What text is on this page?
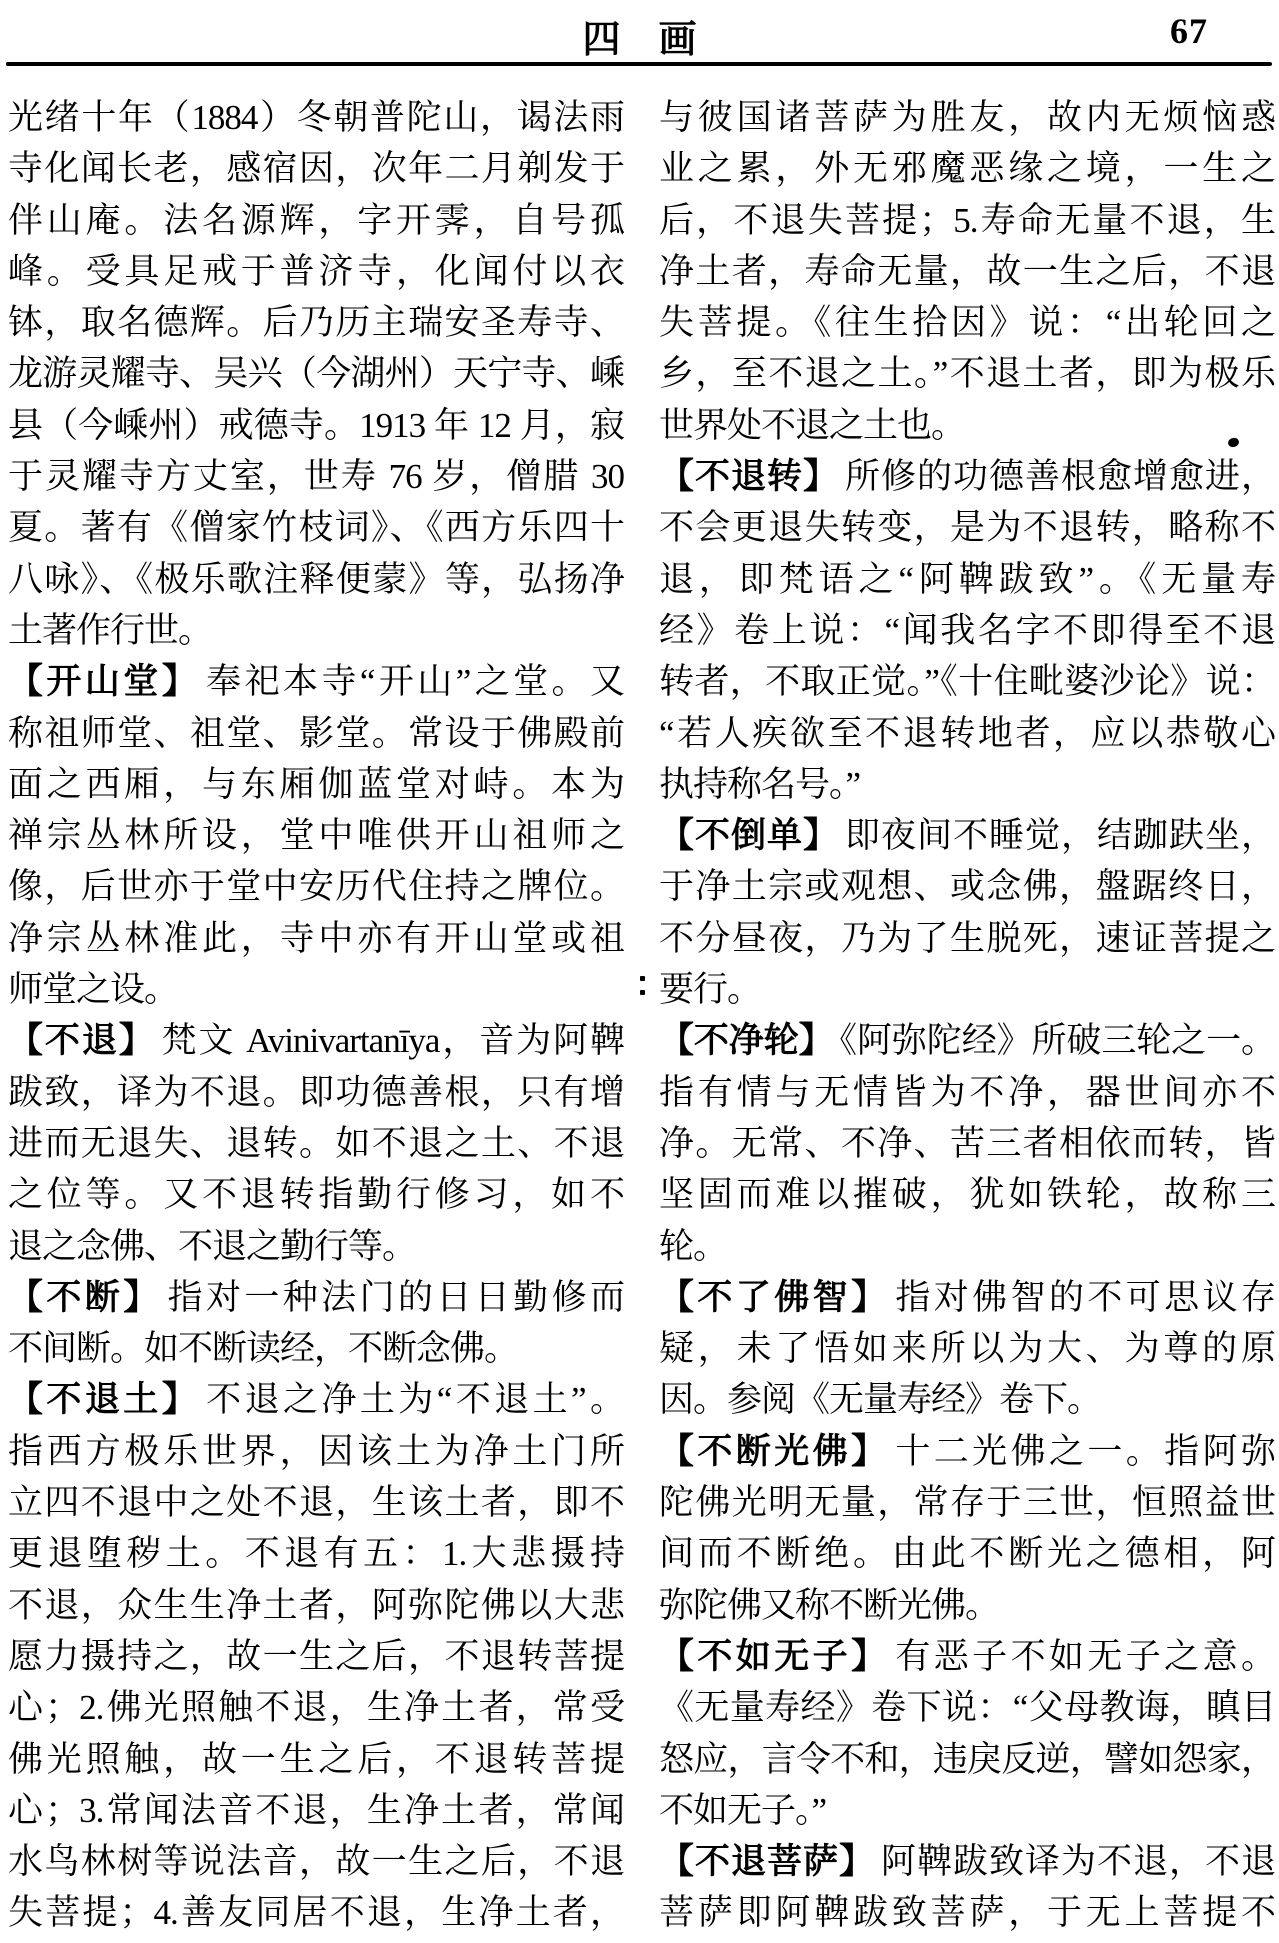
四　画	67
光绪十年（1884）冬朝普陀山，谒法雨
寺化闻长老，感宿因，次年二月剃发于
伴山庵。法名源辉，字开霁，自号孤
峰。受具足戒于普济寺，化闻付以衣
钵，取名德辉。后乃历主瑞安圣寿寺、
龙游灵耀寺、吴兴（今湖州）天宁寺、嵊
县（今嵊州）戒德寺。1913 年 12 月，寂
于灵耀寺方丈室，世寿 76 岁，僧腊 30
夏。著有《僧家竹枝词》、《西方乐四十
八咏》、《极乐歌注释便蒙》等，弘扬净
土著作行世。
【开山堂】 奉祀本寺“开山”之堂。又
称祖师堂、祖堂、影堂。常设于佛殿前
面之西厢，与东厢伽蓝堂对峙。本为
禅宗丛林所设，堂中唯供开山祖师之
像，后世亦于堂中安历代住持之牌位。
净宗丛林准此，寺中亦有开山堂或祖
师堂之设。
【不退】 梵文 Avinivartanīya，音为阿鞞
跋致，译为不退。即功德善根，只有增
进而无退失、退转。如不退之土、不退
之位等。又不退转指勤行修习，如不
退之念佛、不退之勤行等。
【不断】 指对一种法门的日日勤修而
不间断。如不断读经，不断念佛。
【不退土】 不退之净土为“不退土”。
指西方极乐世界，因该土为净土门所
立四不退中之处不退，生该土者，即不
更退堕秽土。不退有五：1.大悲摄持
不退，众生生净土者，阿弥陀佛以大悲
愿力摄持之，故一生之后，不退转菩提
心；2.佛光照触不退，生净土者，常受
佛光照触，故一生之后，不退转菩提
心；3.常闻法音不退，生净土者，常闻
水鸟林树等说法音，故一生之后，不退
失菩提；4.善友同居不退，生净土者，
与彼国诸菩萨为胜友，故内无烦恼惑
业之累，外无邪魔恶缘之境，一生之
后，不退失菩提；5.寿命无量不退，生
净土者，寿命无量，故一生之后，不退
失菩提。《往生拾因》说：“出轮回之
乡，至不退之土。”不退土者，即为极乐
世界处不退之土也。
【不退转】 所修的功德善根愈增愈进，
不会更退失转变，是为不退转，略称不
退，即梵语之“阿鞞跋致”。《无量寿
经》卷上说：“闻我名字不即得至不退
转者，不取正觉。”《十住毗婆沙论》说：
“若人疾欲至不退转地者，应以恭敬心
执持称名号。”
【不倒单】 即夜间不睡觉，结跏趺坐，
于净土宗或观想、或念佛，盤踞终日，
不分昼夜，乃为了生脱死，速证菩提之
要行。
【不净轮】 《阿弥陀经》所破三轮之一。
指有情与无情皆为不净，器世间亦不
净。无常、不净、苦三者相依而转，皆
坚固而难以摧破，犹如铁轮，故称三
轮。
【不了佛智】 指对佛智的不可思议存
疑，未了悟如来所以为大、为尊的原
因。参阅《无量寿经》卷下。
【不断光佛】 十二光佛之一。指阿弥
陀佛光明无量，常存于三世，恒照益世
间而不断绝。由此不断光之德相，阿
弥陀佛又称不断光佛。
【不如无子】 有恶子不如无子之意。
《无量寿经》卷下说：“父母教诲，瞋目
怒应，言令不和，违戾反逆，譬如怨家，
不如无子。”
【不退菩萨】 阿鞞跋致译为不退，不退
菩萨即阿鞞跋致菩萨，于无上菩提不
